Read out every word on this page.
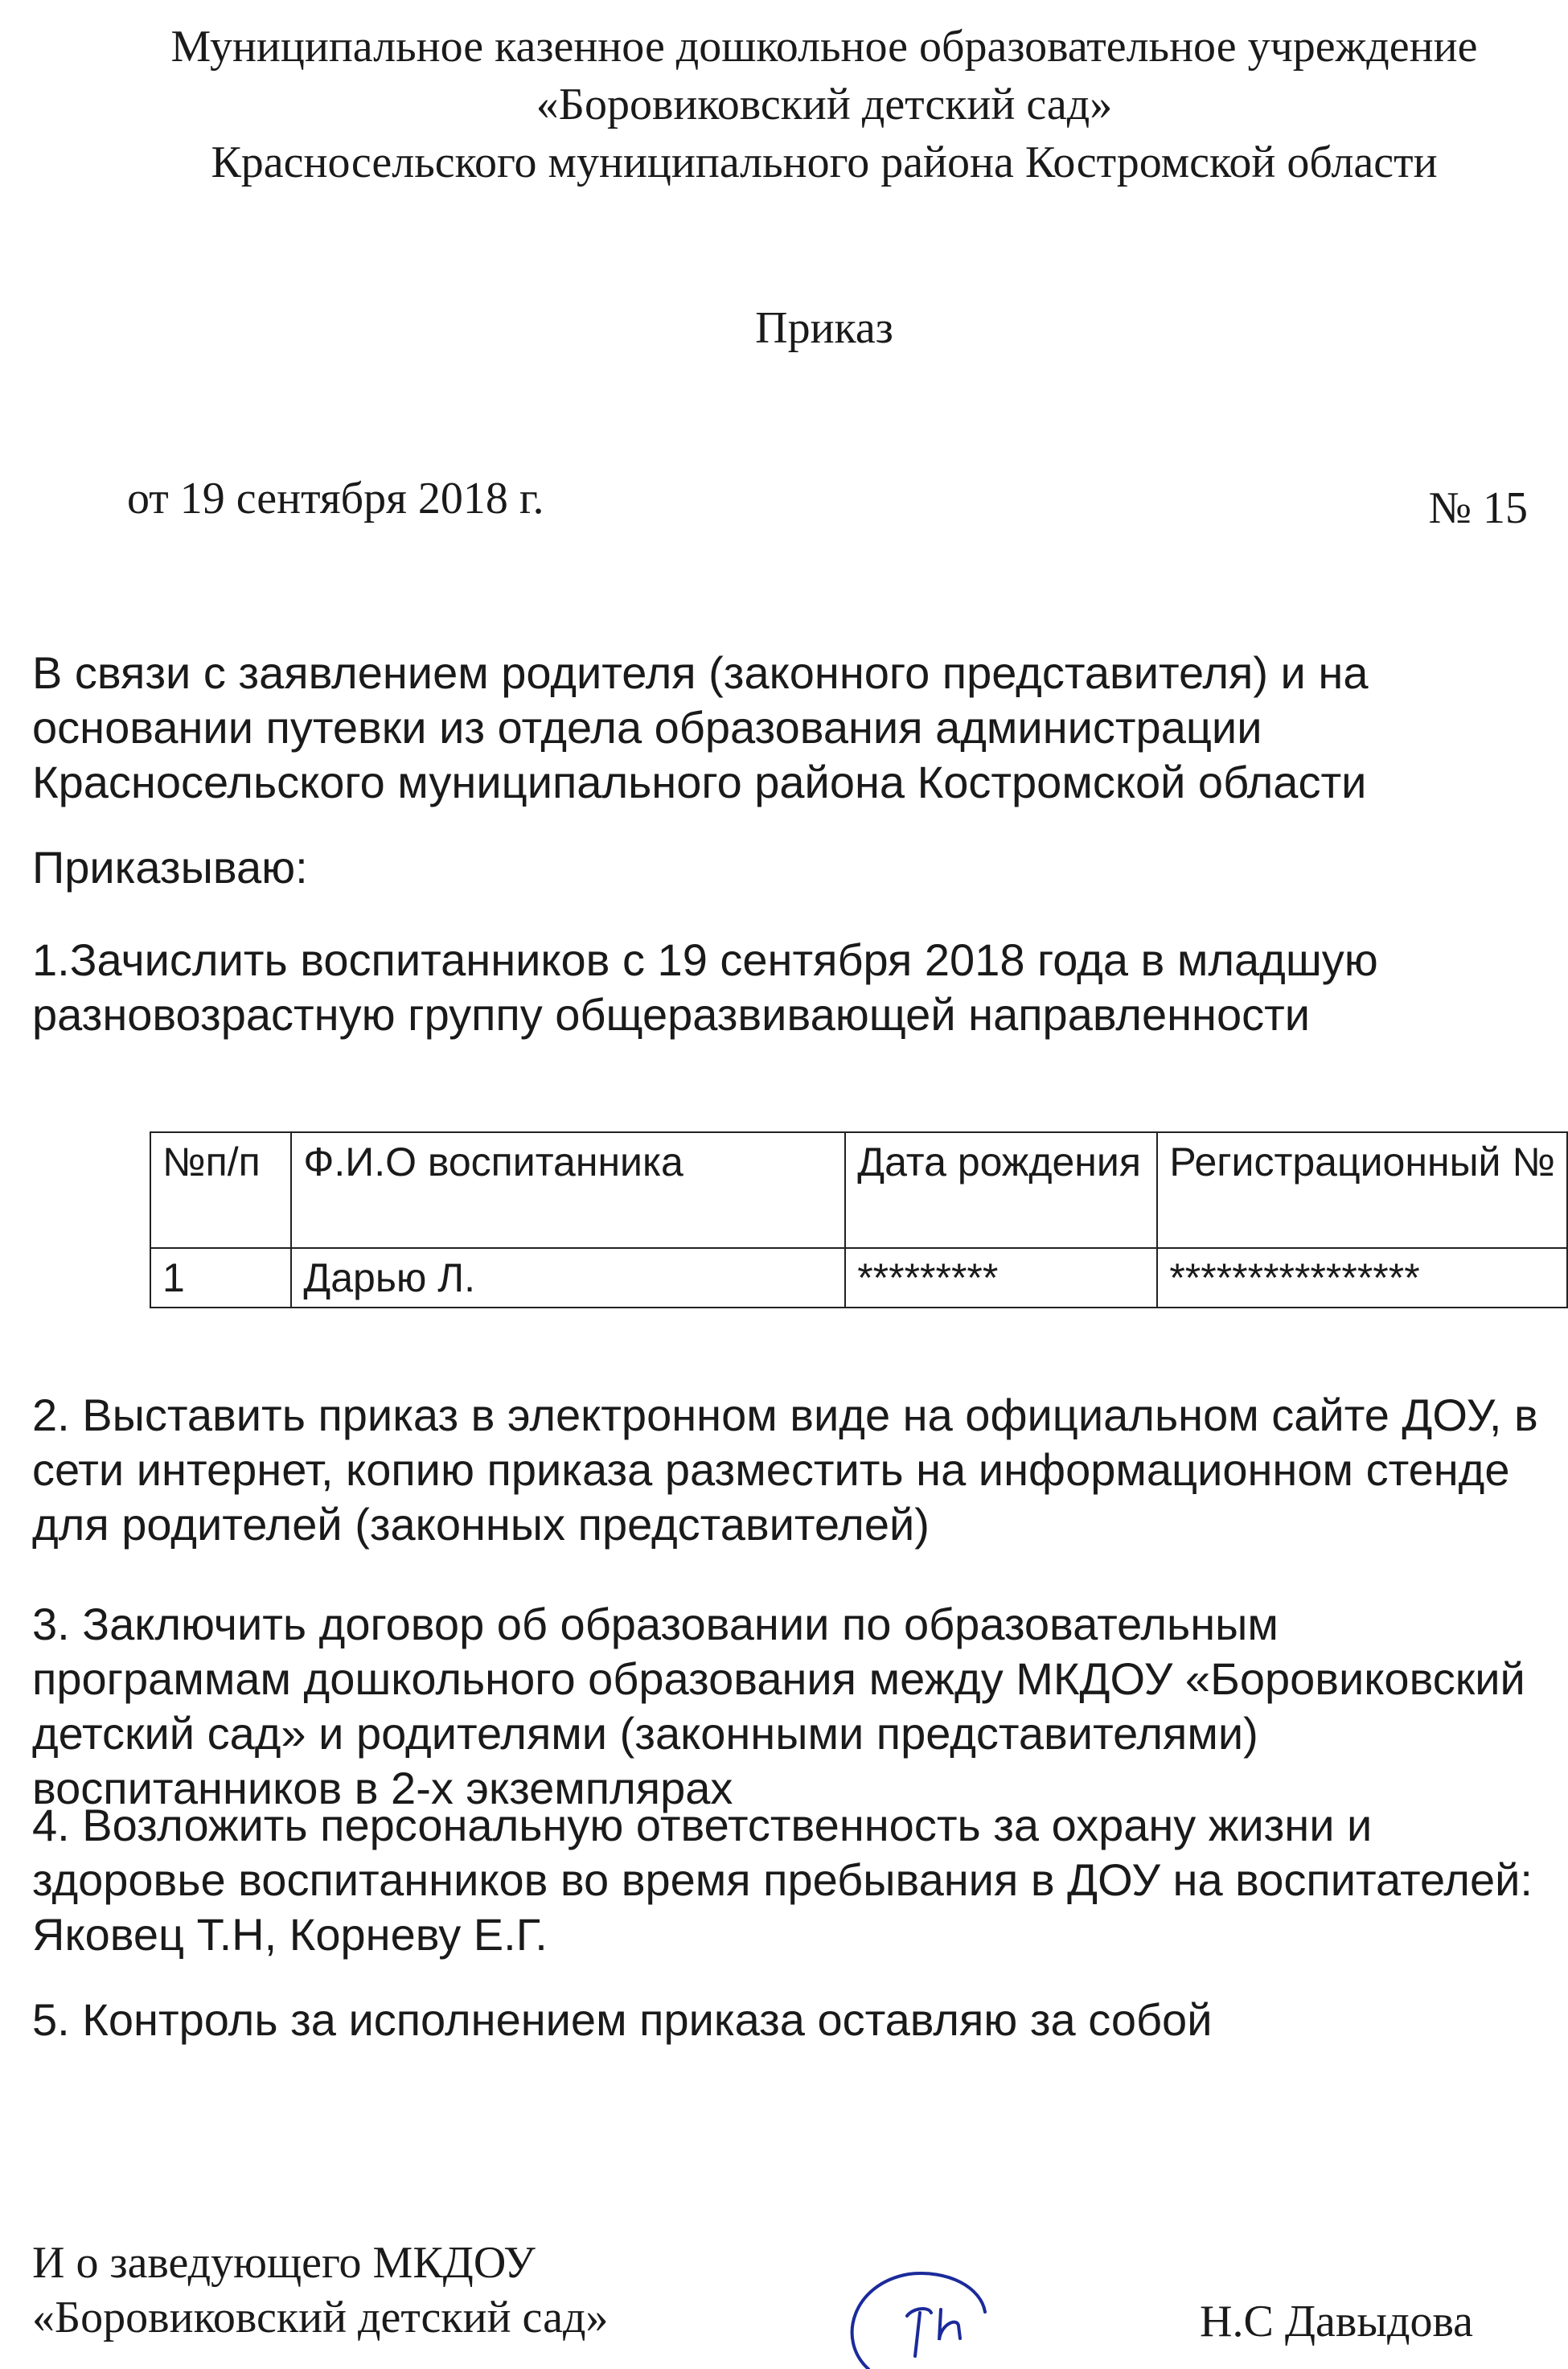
Муниципальное казенное дошкольное образовательное учреждение
«Боровиковский детский сад»
Красносельского муниципального района Костромской области
Приказ
от 19 сентября 2018 г.	№ 15
В связи с заявлением родителя (законного представителя) и на основании путевки из отдела образования администрации Красносельского муниципального района Костромской области
Приказываю:
1.Зачислить воспитанников с 19 сентября 2018 года в младшую разновозрастную группу общеразвивающей направленности
№п/п	Ф.И.О воспитанника	Дата рождения	Регистрационный №
1	Дарью Л.	*********	****************
2. Выставить приказ в электронном виде на официальном сайте ДОУ, в сети интернет, копию приказа разместить на информационном стенде для родителей (законных представителей)
3. Заключить договор об образовании по образовательным программам дошкольного образования между МКДОУ «Боровиковский детский сад» и родителями (законными представителями) воспитанников в 2-х экземплярах
4. Возложить персональную ответственность за охрану жизни и здоровье воспитанников во время пребывания в ДОУ на воспитателей: Яковец Т.Н, Корневу Е.Г.
5. Контроль за исполнением приказа оставляю за собой
И о заведующего МКДОУ
«Боровиковский детский сад»	Н.С Давыдова
